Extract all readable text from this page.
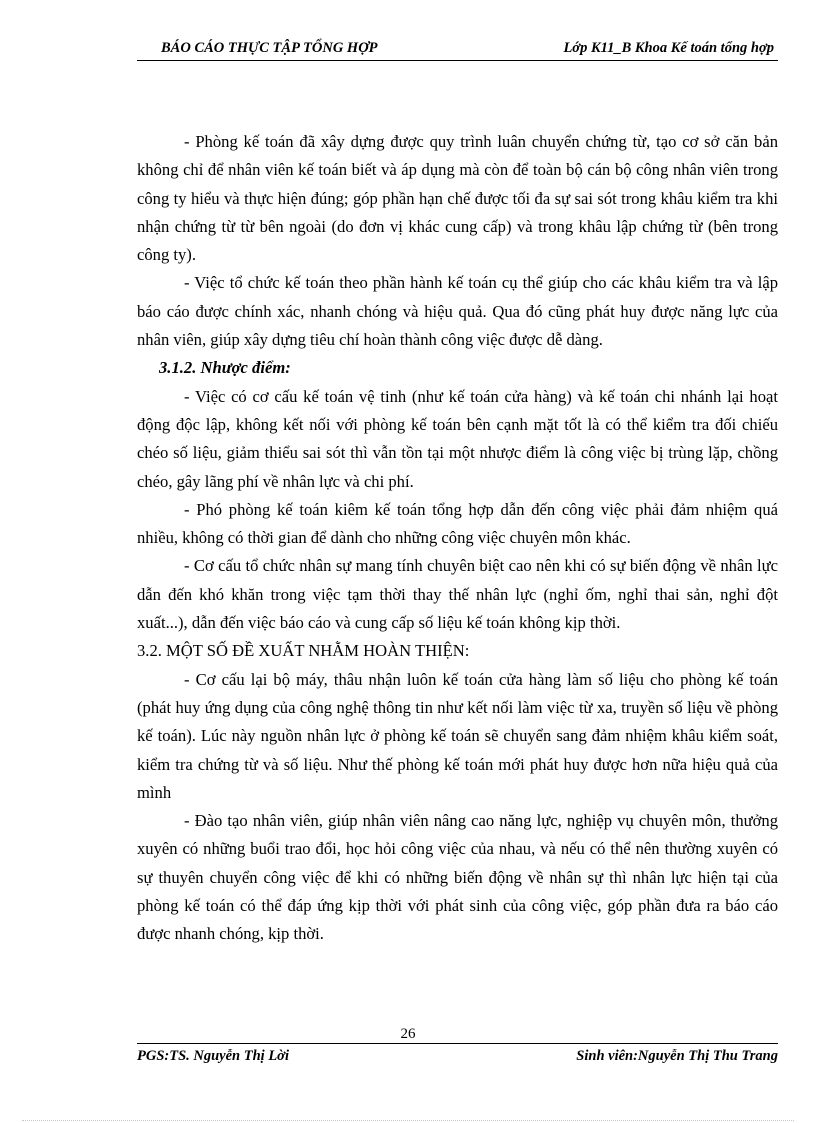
BÁO CÁO THỰC TẬP TỔNG HỢP	Lớp K11_B Khoa Kế toán tổng hợp

- Phòng kế toán đã xây dựng được quy trình luân chuyển chứng từ, tạo cơ sở căn bản không chỉ để nhân viên kế toán biết và áp dụng mà còn để toàn bộ cán bộ công nhân viên trong công ty hiểu và thực hiện đúng; góp phần hạn chế được tối đa sự sai sót trong khâu kiểm tra khi nhận chứng từ từ bên ngoài (do đơn vị khác cung cấp) và trong khâu lập chứng từ (bên trong công ty).

- Việc tổ chức kế toán theo phần hành kế toán cụ thể giúp cho các khâu kiểm tra và lập báo cáo được chính xác, nhanh chóng và hiệu quả. Qua đó cũng phát huy được năng lực của nhân viên, giúp xây dựng tiêu chí hoàn thành công việc được dễ dàng.

3.1.2. Nhược điểm:

- Việc có cơ cấu kế toán vệ tinh (như kế toán cửa hàng) và kế toán chi nhánh lại hoạt động độc lập, không kết nối với phòng kế toán bên cạnh mặt tốt là có thể kiểm tra đối chiếu chéo số liệu, giảm thiểu sai sót thì vẫn tồn tại một nhược điểm là công việc bị trùng lặp, chồng chéo, gây lãng phí về nhân lực và chi phí.

- Phó phòng kế toán kiêm kế toán tổng hợp dẫn đến công việc phải đảm nhiệm quá nhiều, không có thời gian để dành cho những công việc chuyên môn khác.

- Cơ cấu tổ chức nhân sự mang tính chuyên biệt cao nên khi có sự biến động về nhân lực dẫn đến khó khăn trong việc tạm thời thay thế nhân lực (nghỉ ốm, nghỉ thai sản, nghỉ đột xuất...), dẫn đến việc báo cáo và cung cấp số liệu kế toán không kịp thời.

3.2. MỘT SỐ ĐỀ XUẤT NHẰM HOÀN THIỆN:

- Cơ cấu lại bộ máy, thâu nhận luôn kế toán cửa hàng làm số liệu cho phòng kế toán (phát huy ứng dụng của công nghệ thông tin như kết nối làm việc từ xa, truyền số liệu về phòng kế toán). Lúc này nguồn nhân lực ở phòng kế toán sẽ chuyển sang đảm nhiệm khâu kiểm soát, kiểm tra chứng từ và số liệu. Như thế phòng kế toán mới phát huy được hơn nữa hiệu quả của mình

- Đào tạo nhân viên, giúp nhân viên nâng cao năng lực, nghiệp vụ chuyên môn, thưởng xuyên có những buổi trao đổi, học hỏi công việc của nhau, và nếu có thể nên thường xuyên có sự thuyên chuyển công việc để khi có những biến động về nhân sự thì nhân lực hiện tại của phòng kế toán có thể đáp ứng kịp thời với phát sinh của công việc, góp phần đưa ra báo cáo được nhanh chóng, kịp thời.

26
PGS:TS. Nguyễn Thị Lời	Sinh viên:Nguyễn Thị Thu Trang
